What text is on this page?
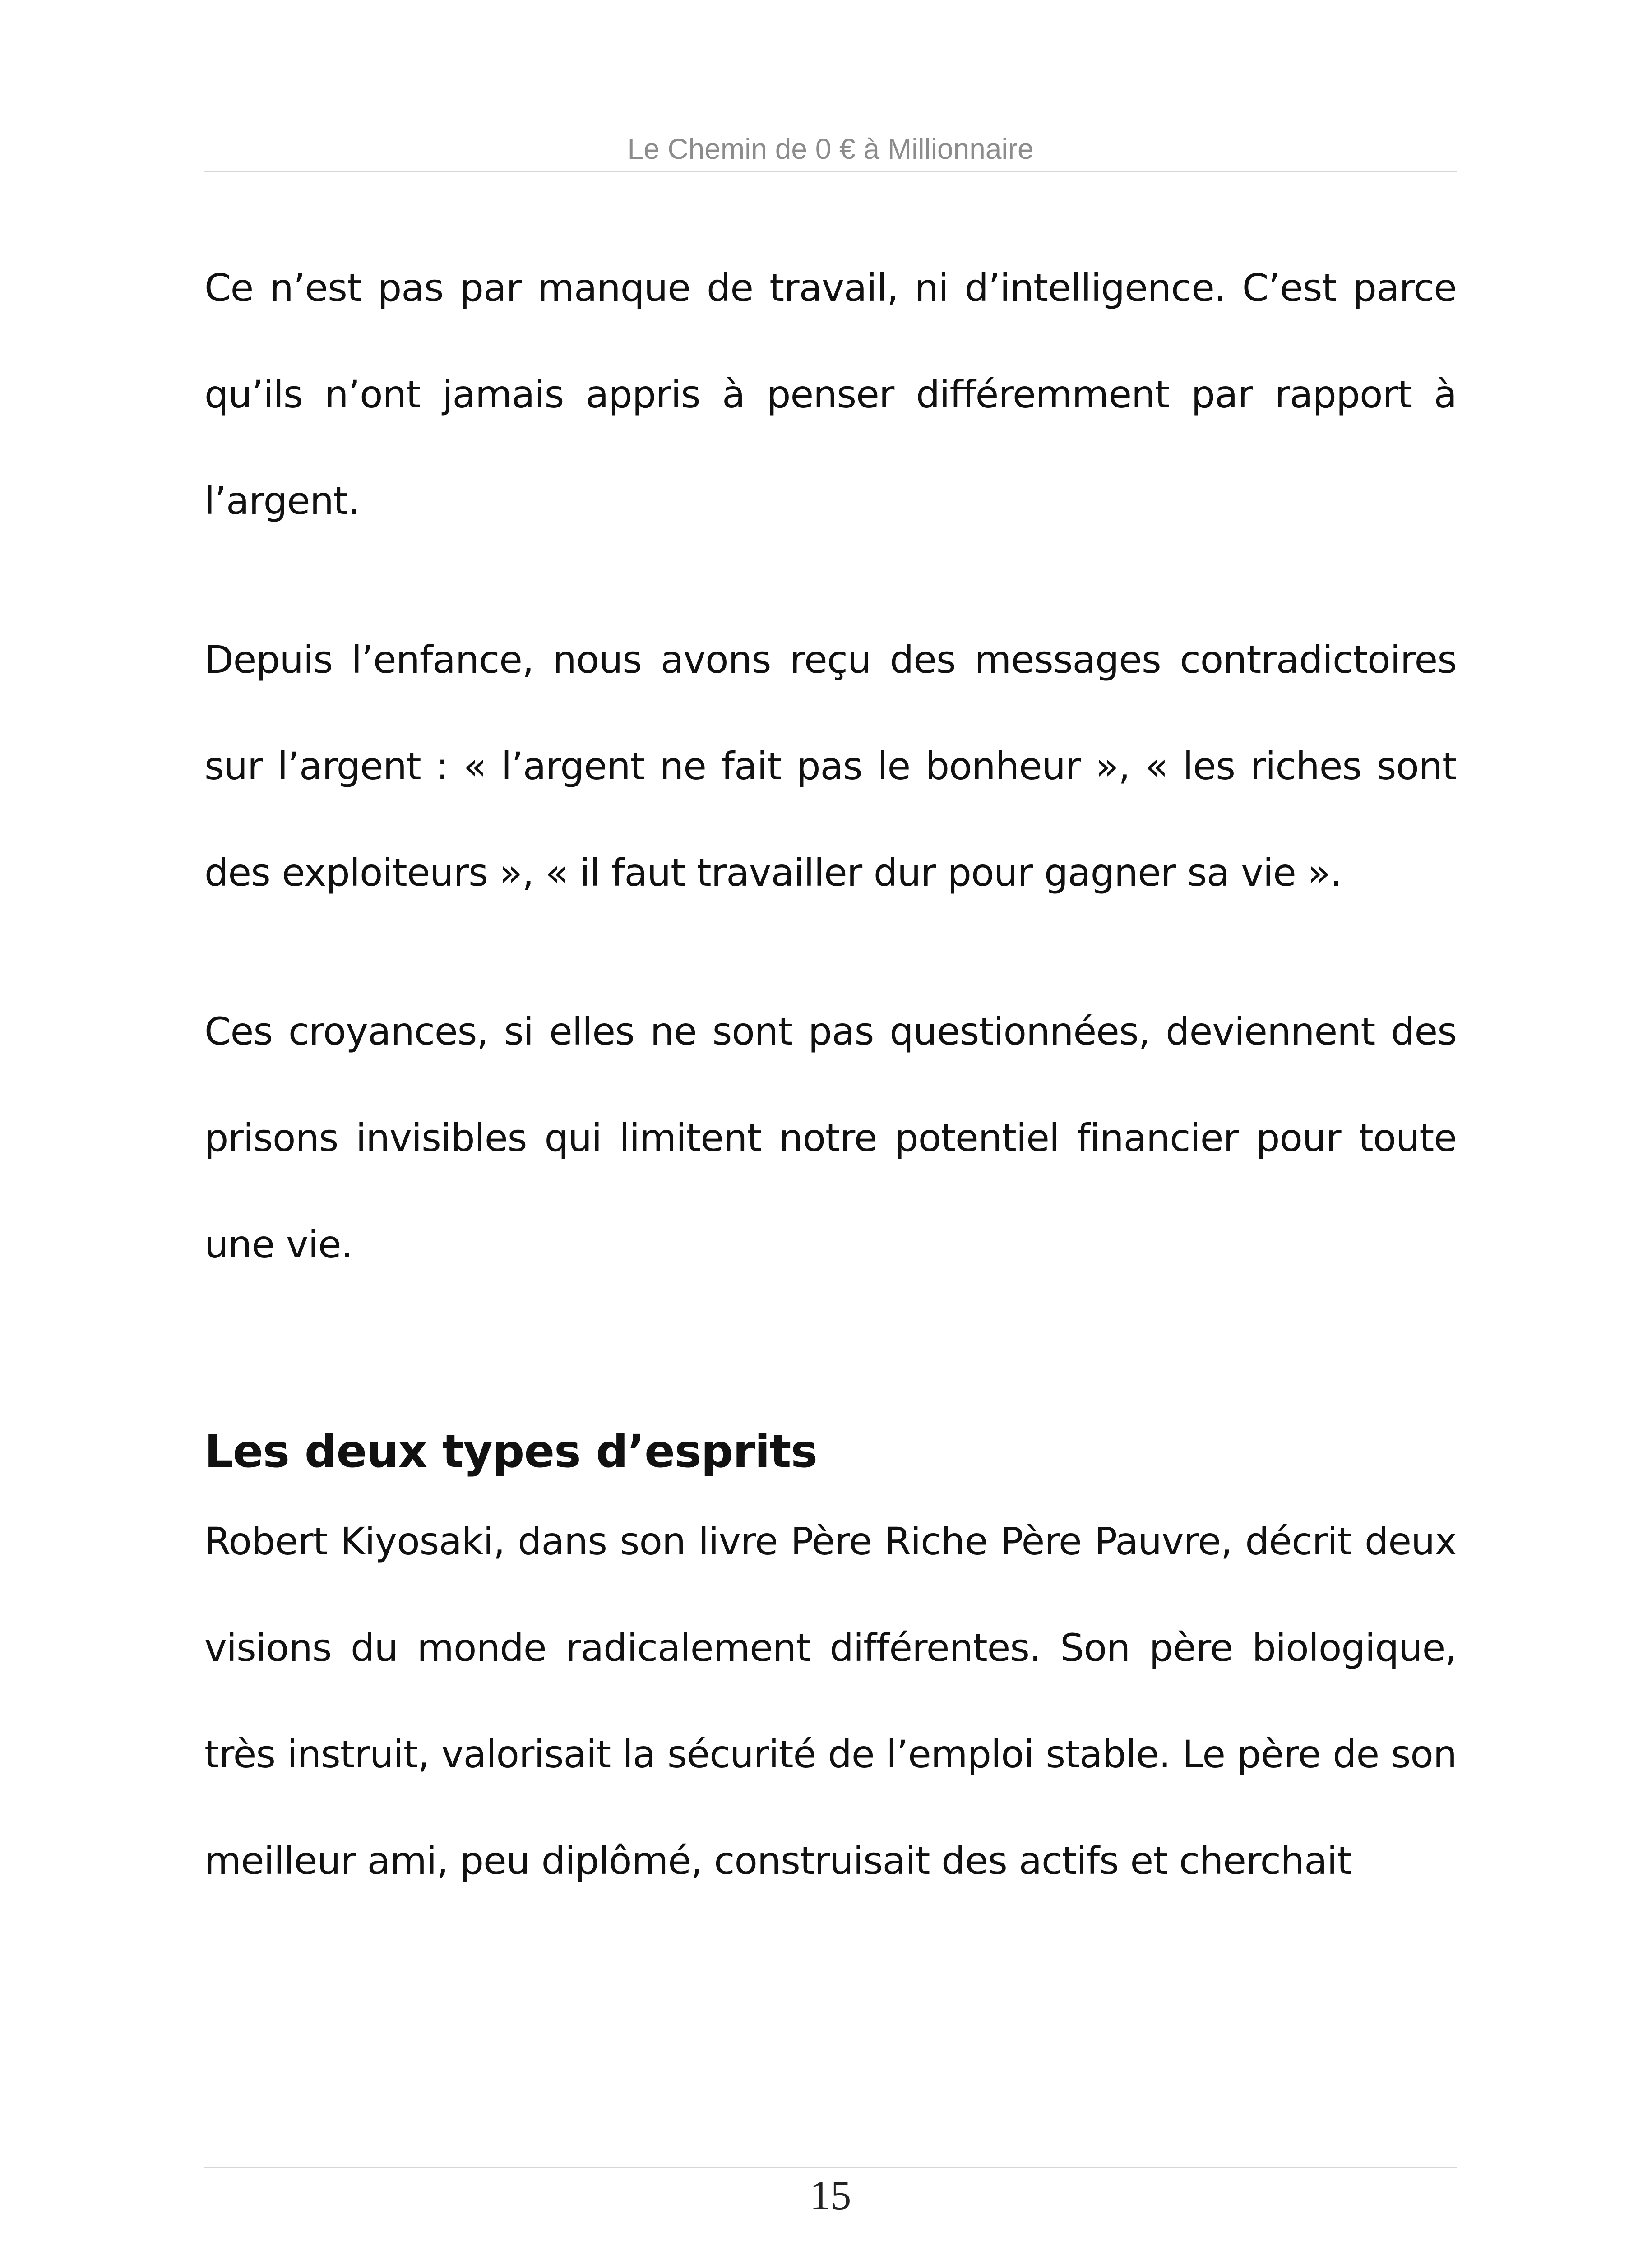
Le Chemin de 0 € à Millionnaire

Ce n’est pas par manque de travail, ni d’intelligence. C’est parce qu’ils n’ont jamais appris à penser différemment par rapport à l’argent.

Depuis l’enfance, nous avons reçu des messages contradictoires sur l’argent : « l’argent ne fait pas le bonheur », « les riches sont des exploiteurs », « il faut travailler dur pour gagner sa vie ».

Ces croyances, si elles ne sont pas questionnées, deviennent des prisons invisibles qui limitent notre potentiel financier pour toute une vie.

Les deux types d’esprits

Robert Kiyosaki, dans son livre Père Riche Père Pauvre, décrit deux visions du monde radicalement différentes. Son père biologique, très instruit, valorisait la sécurité de l’emploi stable. Le père de son meilleur ami, peu diplômé, construisait des actifs et cherchait

15
